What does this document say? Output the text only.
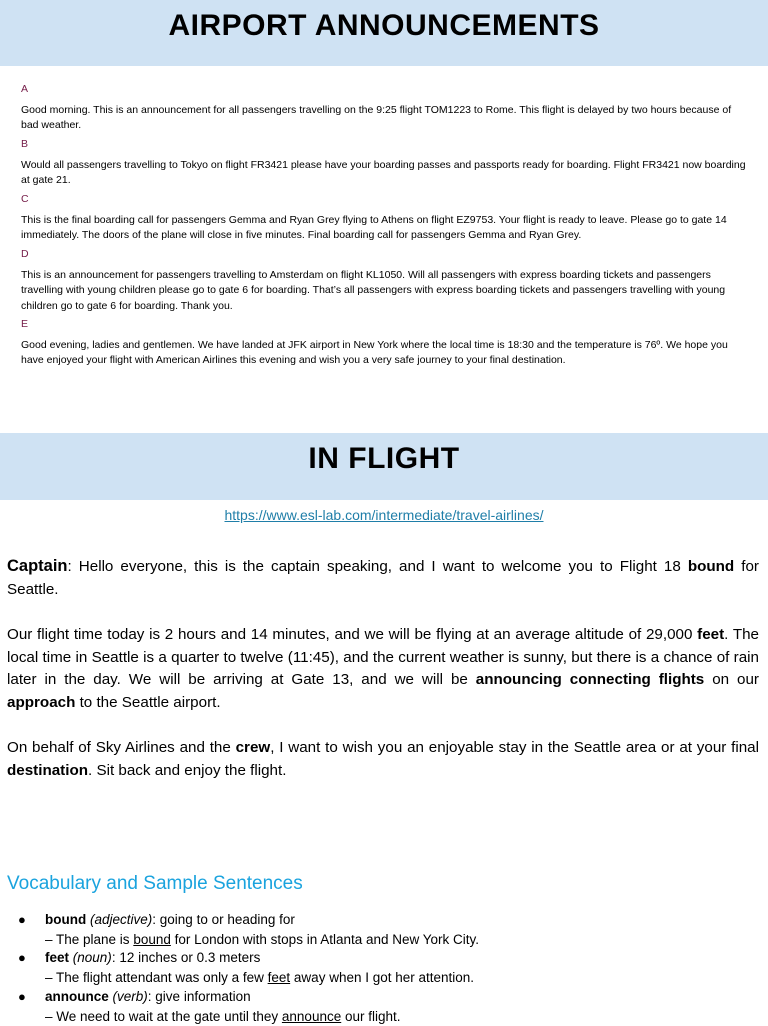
AIRPORT ANNOUNCEMENTS
A
Good morning. This is an announcement for all passengers travelling on the 9:25 flight TOM1223 to Rome. This flight is delayed by two hours because of bad weather.
B
Would all passengers travelling to Tokyo on flight FR3421 please have your boarding passes and passports ready for boarding. Flight FR3421 now boarding at gate 21.
C
This is the final boarding call for passengers Gemma and Ryan Grey flying to Athens on flight EZ9753. Your flight is ready to leave. Please go to gate 14 immediately. The doors of the plane will close in five minutes. Final boarding call for passengers Gemma and Ryan Grey.
D
This is an announcement for passengers travelling to Amsterdam on flight KL1050. Will all passengers with express boarding tickets and passengers travelling with young children please go to gate 6 for boarding. That’s all passengers with express boarding tickets and passengers travelling with young children go to gate 6 for boarding. Thank you.
E
Good evening, ladies and gentlemen. We have landed at JFK airport in New York where the local time is 18:30 and the temperature is 76º. We hope you have enjoyed your flight with American Airlines this evening and wish you a very safe journey to your final destination.
IN FLIGHT
https://www.esl-lab.com/intermediate/travel-airlines/
Captain: Hello everyone, this is the captain speaking, and I want to welcome you to Flight 18 bound for Seattle.
Our flight time today is 2 hours and 14 minutes, and we will be flying at an average altitude of 29,000 feet. The local time in Seattle is a quarter to twelve (11:45), and the current weather is sunny, but there is a chance of rain later in the day. We will be arriving at Gate 13, and we will be announcing connecting flights on our approach to the Seattle airport.
On behalf of Sky Airlines and the crew, I want to wish you an enjoyable stay in the Seattle area or at your final destination. Sit back and enjoy the flight.
Vocabulary and Sample Sentences
● bound (adjective): going to or heading for
– The plane is bound for London with stops in Atlanta and New York City.
● feet (noun): 12 inches or 0.3 meters
– The flight attendant was only a few feet away when I got her attention.
● announce (verb): give information
– We need to wait at the gate until they announce our flight.
